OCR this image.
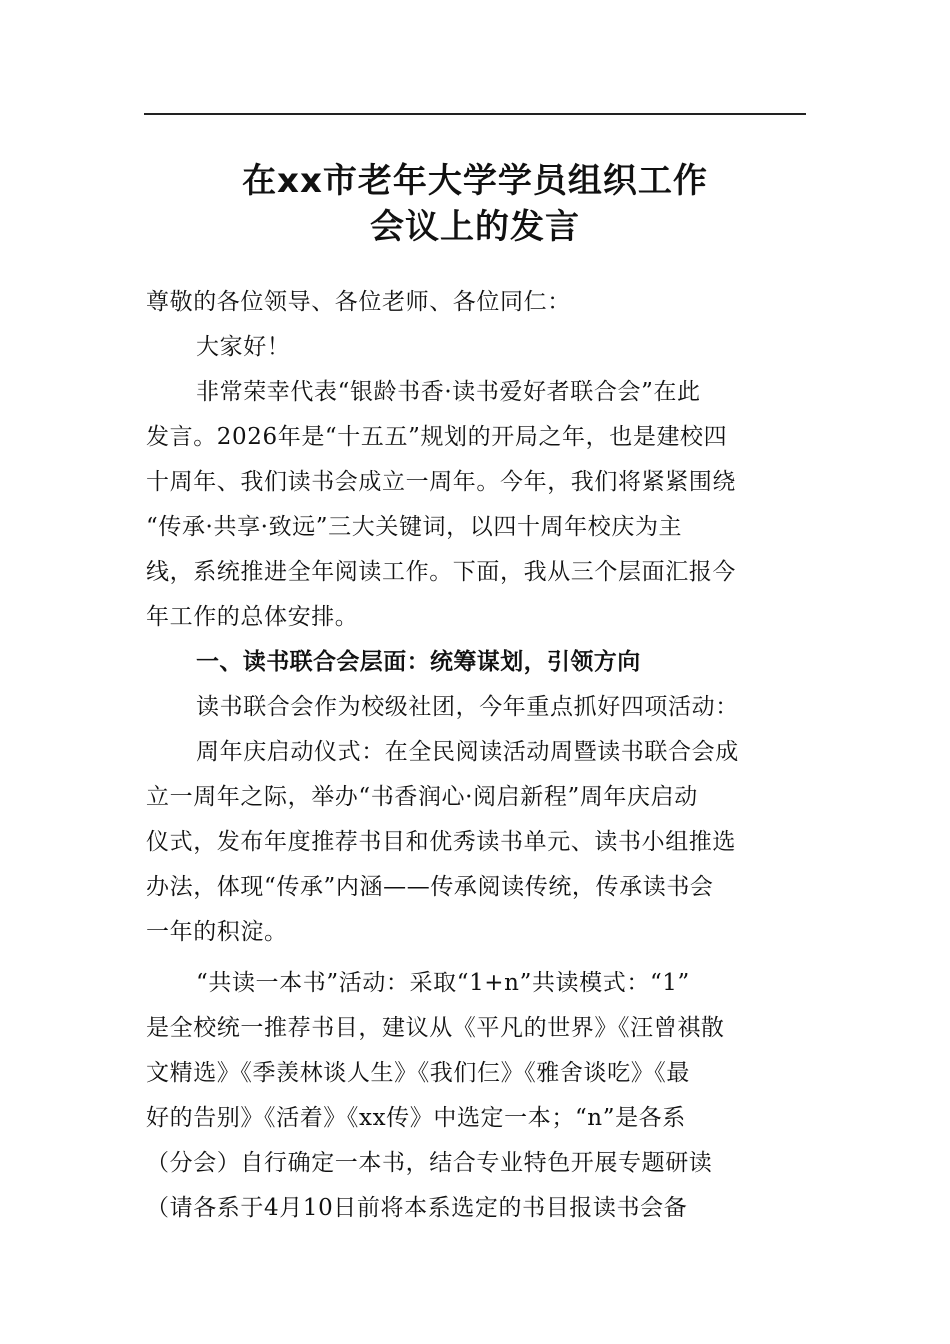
在xx市老年大学学员组织工作
会议上的发言
尊敬的各位领导、各位老师、各位同仁：
大家好！
非常荣幸代表“银龄书香·读书爱好者联合会”在此
发言。2026年是“十五五”规划的开局之年，也是建校四
十周年、我们读书会成立一周年。今年，我们将紧紧围绕
“传承·共享·致远”三大关键词，以四十周年校庆为主
线，系统推进全年阅读工作。下面，我从三个层面汇报今
年工作的总体安排。
一、读书联合会层面：统筹谋划，引领方向
读书联合会作为校级社团，今年重点抓好四项活动：
周年庆启动仪式：在全民阅读活动周暨读书联合会成
立一周年之际，举办“书香润心·阅启新程”周年庆启动
仪式，发布年度推荐书目和优秀读书单元、读书小组推选
办法，体现“传承”内涵——传承阅读传统，传承读书会
一年的积淀。
“共读一本书”活动：采取“1+n”共读模式：“1”
是全校统一推荐书目，建议从《平凡的世界》《汪曾祺散
文精选》《季羡林谈人生》《我们仨》《雅舍谈吃》《最
好的告别》《活着》《xx传》中选定一本；“n”是各系
（分会）自行确定一本书，结合专业特色开展专题研读
（请各系于4月10日前将本系选定的书目报读书会备
